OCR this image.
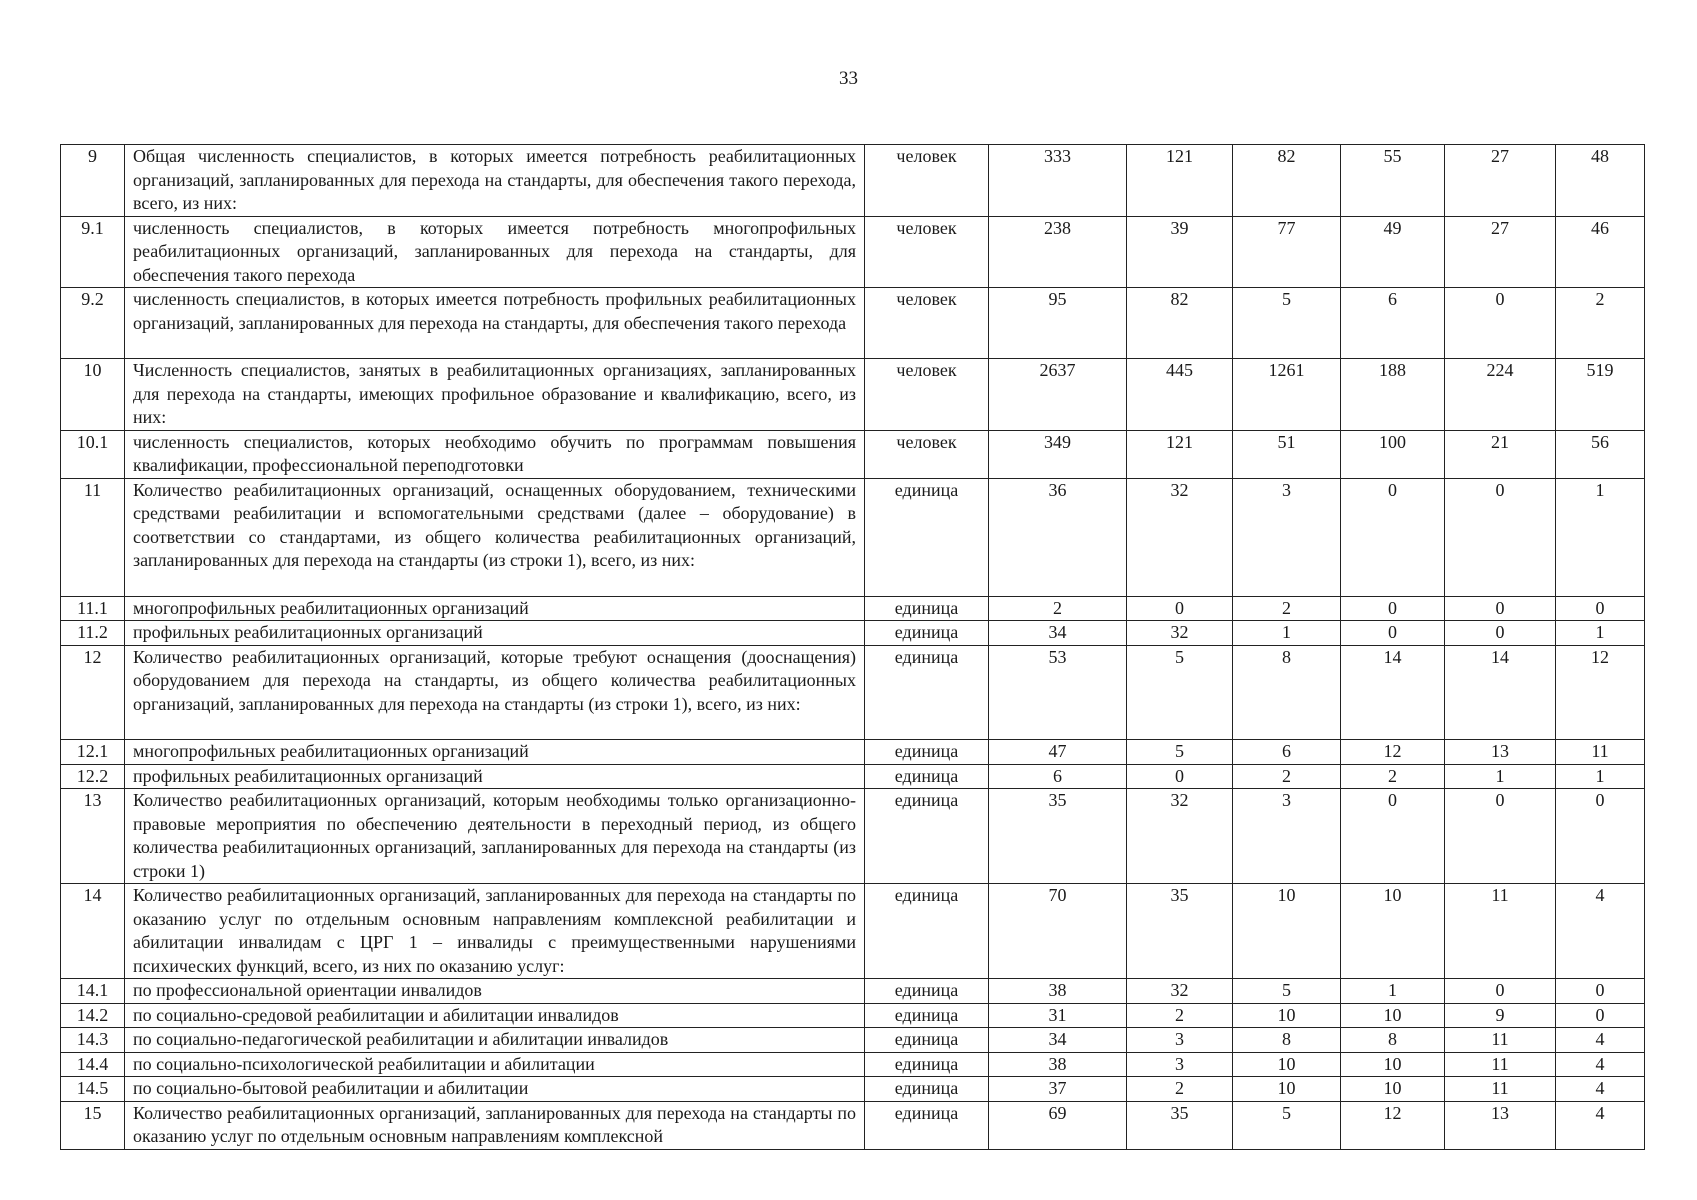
33
9	Общая численность специалистов, в которых имеется потребность реабилитационных организаций, запланированных для перехода на стандарты, для обеспечения такого перехода, всего, из них:	человек	333	121	82	55	27	48
9.1	численность специалистов, в которых имеется потребность многопрофильных реабилитационных организаций, запланированных для перехода на стандарты, для обеспечения такого перехода	человек	238	39	77	49	27	46
9.2	численность специалистов, в которых имеется потребность профильных реабилитационных организаций, запланированных для перехода на стандарты, для обеспечения такого перехода	человек	95	82	5	6	0	2
10	Численность специалистов, занятых в реабилитационных организациях, запланированных для перехода на стандарты, имеющих профильное образование и квалификацию, всего, из них:	человек	2637	445	1261	188	224	519
10.1	численность специалистов, которых необходимо обучить по программам повышения квалификации, профессиональной переподготовки	человек	349	121	51	100	21	56
11	Количество реабилитационных организаций, оснащенных оборудованием, техническими средствами реабилитации и вспомогательными средствами (далее – оборудование) в соответствии со стандартами, из общего количества реабилитационных организаций, запланированных для перехода на стандарты (из строки 1), всего, из них:	единица	36	32	3	0	0	1
11.1	многопрофильных реабилитационных организаций	единица	2	0	2	0	0	0
11.2	профильных реабилитационных организаций	единица	34	32	1	0	0	1
12	Количество реабилитационных организаций, которые требуют оснащения (дооснащения) оборудованием для перехода на стандарты, из общего количества реабилитационных организаций, запланированных для перехода на стандарты (из строки 1), всего, из них:	единица	53	5	8	14	14	12
12.1	многопрофильных реабилитационных организаций	единица	47	5	6	12	13	11
12.2	профильных реабилитационных организаций	единица	6	0	2	2	1	1
13	Количество реабилитационных организаций, которым необходимы только организационно-правовые мероприятия по обеспечению деятельности в переходный период, из общего количества реабилитационных организаций, запланированных для перехода на стандарты (из строки 1)	единица	35	32	3	0	0	0
14	Количество реабилитационных организаций, запланированных для перехода на стандарты по оказанию услуг по отдельным основным направлениям комплексной реабилитации и абилитации инвалидам с ЦРГ 1 – инвалиды с преимущественными нарушениями психических функций, всего, из них по оказанию услуг:	единица	70	35	10	10	11	4
14.1	по профессиональной ориентации инвалидов	единица	38	32	5	1	0	0
14.2	по социально-средовой реабилитации и абилитации инвалидов	единица	31	2	10	10	9	0
14.3	по социально-педагогической реабилитации и абилитации инвалидов	единица	34	3	8	8	11	4
14.4	по социально-психологической реабилитации и абилитации	единица	38	3	10	10	11	4
14.5	по социально-бытовой реабилитации и абилитации	единица	37	2	10	10	11	4
15	Количество реабилитационных организаций, запланированных для перехода на стандарты по оказанию услуг по отдельным основным направлениям комплексной	единица	69	35	5	12	13	4
